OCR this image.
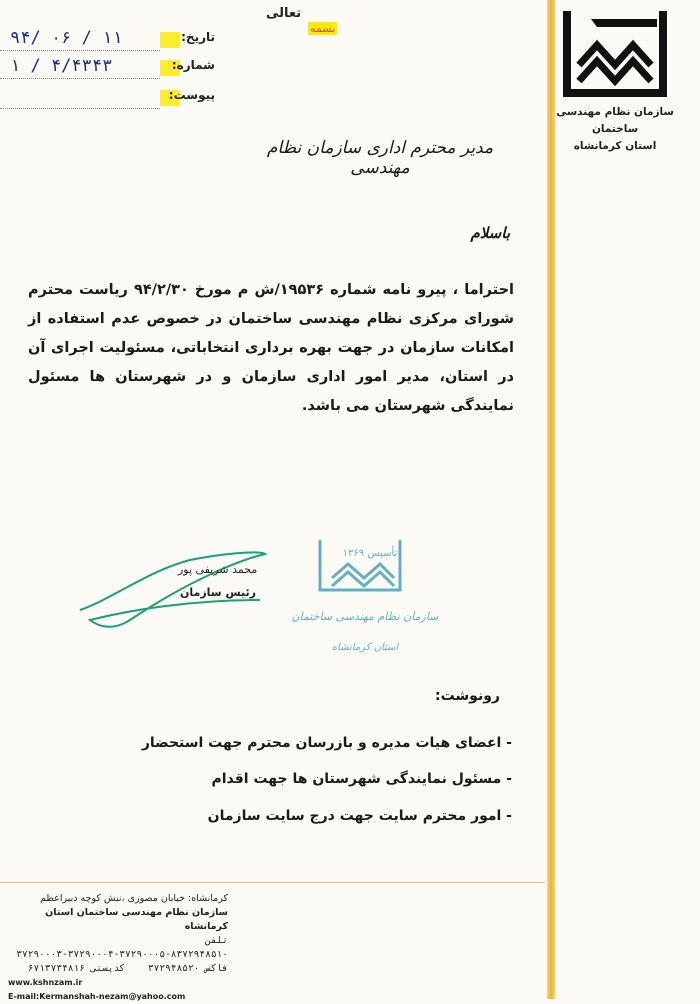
سازمان نظام مهندسی ساختمان
استان کرمانشاه
تعالی
بسمه
۹۴/ ۰۶ / ۱۱	تاریخ:
۱ / ۴/۴۳۴۳	شماره:
پیوست:
مدیر محترم اداری سازمان نظام مهندسی
باسلام
احتراما ، پیرو نامه شماره ۱۹۵۳۶/ش م مورخ ۹۴/۲/۳۰ ریاست محترم شورای مرکزی نظام مهندسی ساختمان در خصوص عدم استفاده از امکانات سازمان در جهت بهره برداری انتخاباتی، مسئولیت اجرای آن در استان، مدیر امور اداری سازمان و در شهرستان ها مسئول نمایندگی شهرستان می باشد.
محمد شریفی پور
رئیس سازمان
تأسیس ۱۳۶۹
سازمان نظام مهندسی ساختمان
استان کرمانشاه
رونوشت:
- اعضای هیات مدیره و بازرسان محترم جهت استحضار
- مسئول نمایندگی شهرستان ها جهت اقدام
- امور محترم سایت جهت درج سایت سازمان
کرمانشاه: خیابان مصوری ،نبش کوچه دبیراعظم
سازمان نظام مهندسی ساختمان استان کرمانشاه
تلفن ۸۳۷۲۹۴۸۵۱۰-۳۷۲۹۰۰۰۵-۳۷۲۹۰۰۰۴-۳۷۲۹۰۰۰۳
فاکس ۳۷۲۹۴۸۵۲۰    کدپستی ۶۷۱۳۷۳۴۸۱۶
www.kshnzam.ir
E-mail:Kermanshah-nezam@yahoo.com
